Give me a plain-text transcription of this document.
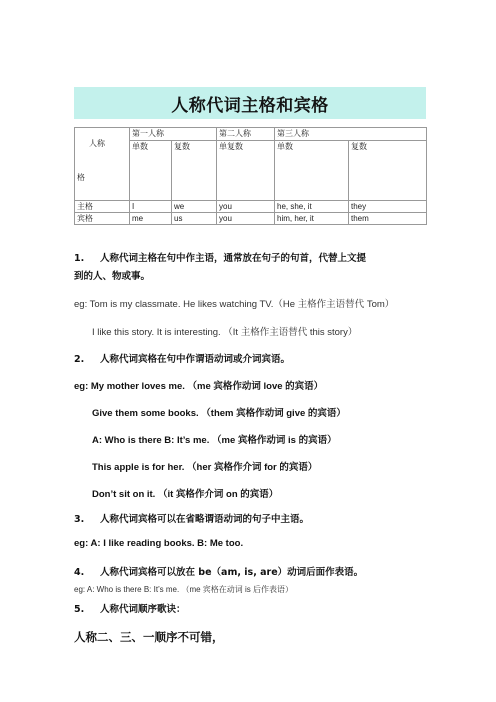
人称代词主格和宾格
人称
格	第一人称		第二人称	第三人称	
	单数	复数	单复数	单数	复数
主格	I	we	you	he, she, it	they
宾格	me	us	you	him, her, it	them
1. 人称代词主格在句中作主语，通常放在句子的句首，代替上文提
到的人、物或事。
eg: Tom is my classmate. He likes watching TV.（He 主格作主语替代 Tom）
I like this story. It is interesting. （It 主格作主语替代 this story）
2. 人称代词宾格在句中作谓语动词或介词宾语。
eg: My mother loves me. （me 宾格作动词 love 的宾语）
Give them some books. （them 宾格作动词 give 的宾语）
A: Who is there B: It’s me. （me 宾格作动词 is 的宾语）
This apple is for her. （her 宾格作介词 for 的宾语）
Don’t sit on it. （it 宾格作介词 on 的宾语）
3. 人称代词宾格可以在省略谓语动词的句子中主语。
eg: A: I like reading books. B: Me too.
4. 人称代词宾格可以放在 be（am, is, are）动词后面作表语。
eg: A: Who is there B: It’s me. （me 宾格在动词 is 后作表语）
5. 人称代词顺序歌诀：
人称二、三、一顺序不可错，
